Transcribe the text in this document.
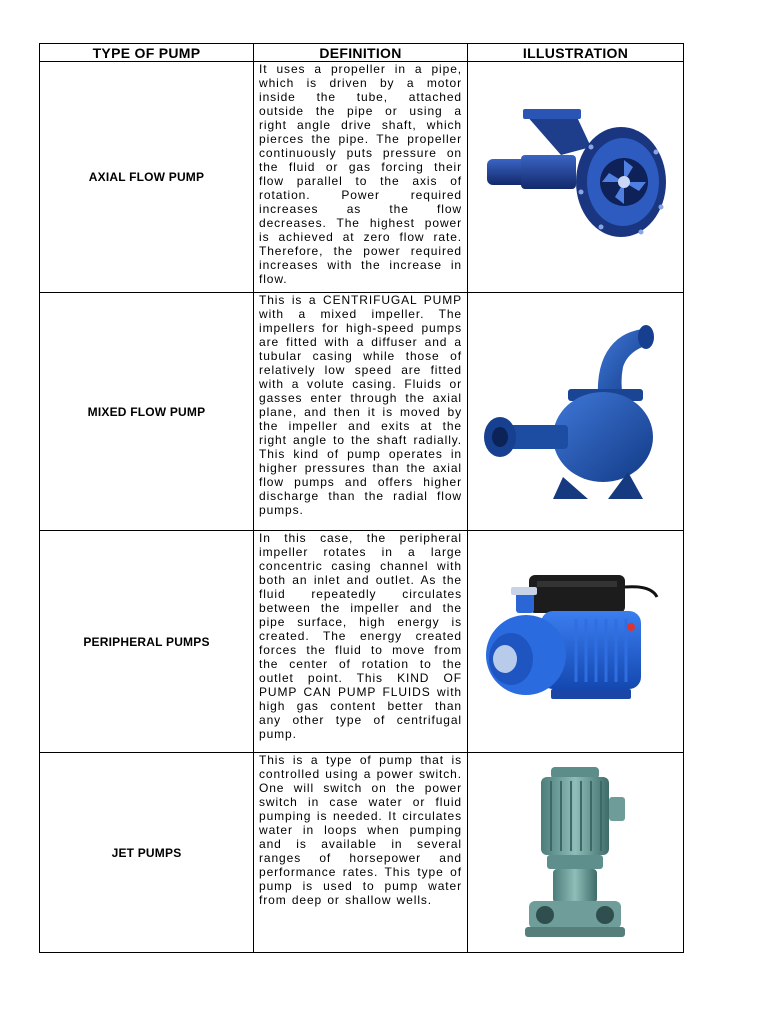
TYPE OF PUMP	DEFINITION	ILLUSTRATION
AXIAL FLOW PUMP	It uses a propeller in a pipe, which is driven by a motor inside the tube, attached outside the pipe or using a right angle drive shaft, which pierces the pipe. The propeller continuously puts pressure on the fluid or gas forcing their flow parallel to the axis of rotation. Power required increases as the flow decreases. The highest power is achieved at zero flow rate. Therefore, the power required increases with the increase in flow.

MIXED FLOW PUMP	This is a CENTRIFUGAL PUMP with a mixed impeller. The impellers for high-speed pumps are fitted with a diffuser and a tubular casing while those of relatively low speed are fitted with a volute casing. Fluids or gasses enter through the axial plane, and then it is moved by the impeller and exits at the right angle to the shaft radially. This kind of pump operates in higher pressures than the axial flow pumps and offers higher discharge than the radial flow pumps.

PERIPHERAL PUMPS	In this case, the peripheral impeller rotates in a large concentric casing channel with both an inlet and outlet. As the fluid repeatedly circulates between the impeller and the pipe surface, high energy is created. The energy created forces the fluid to move from the center of rotation to the outlet point. This KIND OF PUMP CAN PUMP FLUIDS with high gas content better than any other type of centrifugal pump.

JET PUMPS	This is a type of pump that is controlled using a power switch. One will switch on the power switch in case water or fluid pumping is needed. It circulates water in loops when pumping and is available in several ranges of horsepower and performance rates. This type of pump is used to pump water from deep or shallow wells.
